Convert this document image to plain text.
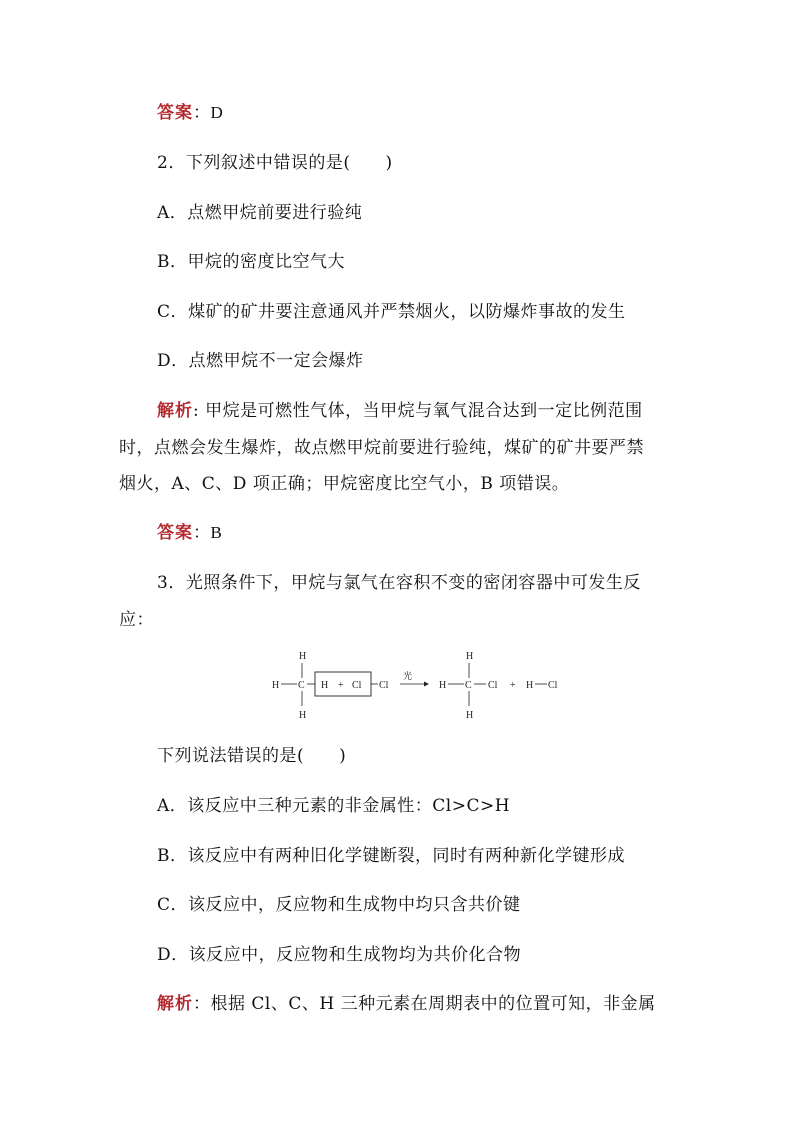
答案：D
2．下列叙述中错误的是(　　)
A．点燃甲烷前要进行验纯
B．甲烷的密度比空气大
C．煤矿的矿井要注意通风并严禁烟火，以防爆炸事故的发生
D．点燃甲烷不一定会爆炸
解析: 甲烷是可燃性气体，当甲烷与氧气混合达到一定比例范围
时，点燃会发生爆炸，故点燃甲烷前要进行验纯，煤矿的矿井要严禁
烟火，A、C、D 项正确；甲烷密度比空气小，B 项错误。
答案：B
3．光照条件下，甲烷与氯气在容积不变的密闭容器中可发生反
应：
H
H C
H
H + Cl Cl
光
H
H C Cl
H
+ H Cl
下列说法错误的是(　　)
A．该反应中三种元素的非金属性：Cl>C>H
B．该反应中有两种旧化学键断裂，同时有两种新化学键形成
C．该反应中，反应物和生成物中均只含共价键
D．该反应中，反应物和生成物均为共价化合物
解析：根据 Cl、C、H 三种元素在周期表中的位置可知，非金属
